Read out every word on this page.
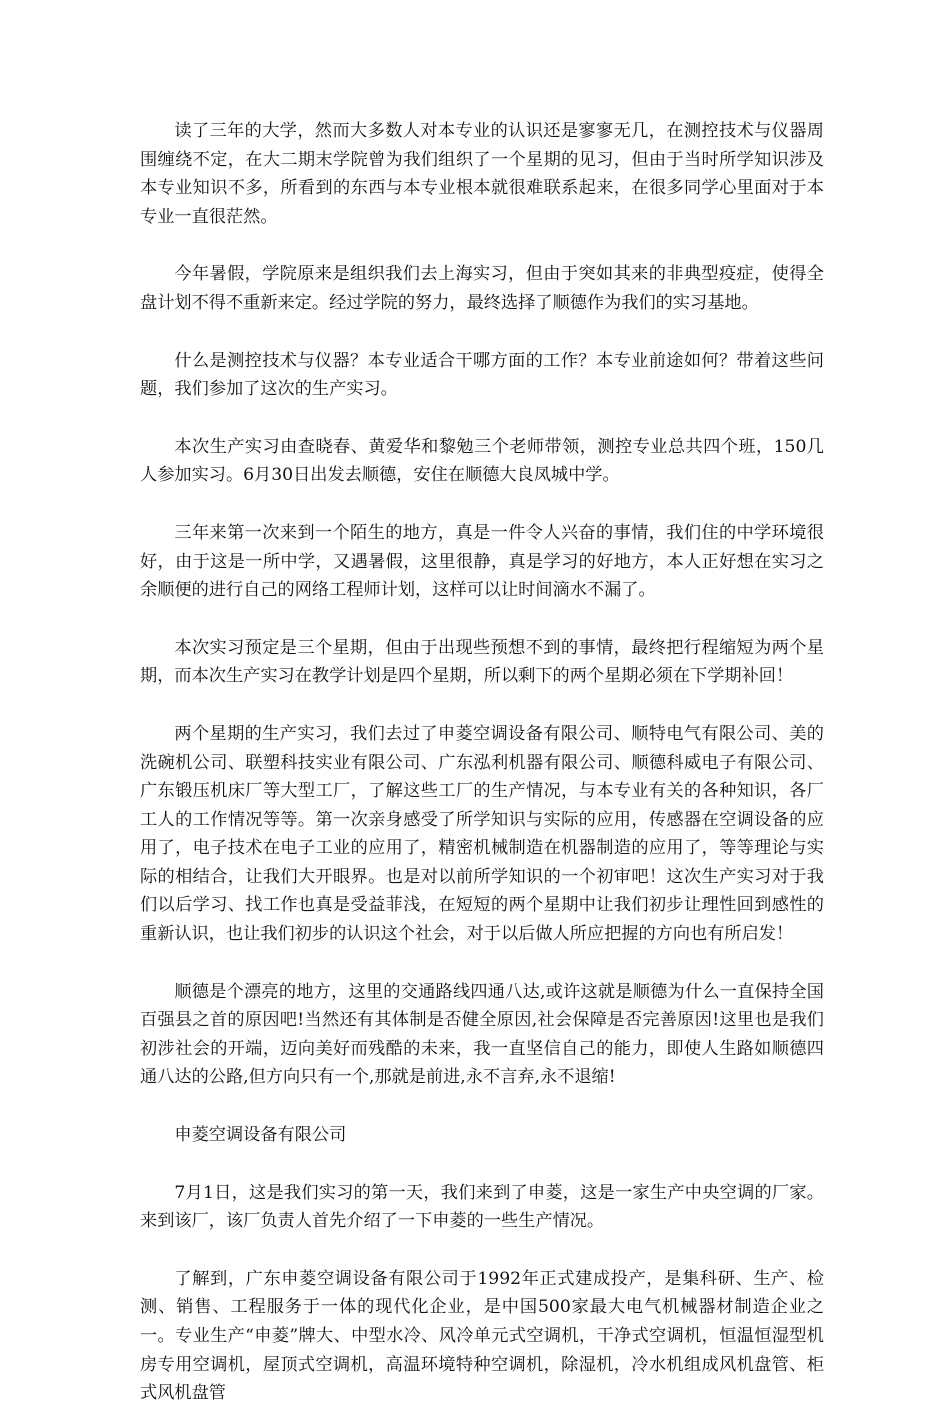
读了三年的大学，然而大多数人对本专业的认识还是寥寥无几，在测控技术与仪器周围缠绕不定，在大二期末学院曾为我们组织了一个星期的见习，但由于当时所学知识涉及本专业知识不多，所看到的东西与本专业根本就很难联系起来，在很多同学心里面对于本专业一直很茫然。

今年暑假，学院原来是组织我们去上海实习，但由于突如其来的非典型疫症，使得全盘计划不得不重新来定。经过学院的努力，最终选择了顺德作为我们的实习基地。

什么是测控技术与仪器？本专业适合干哪方面的工作？本专业前途如何？带着这些问题，我们参加了这次的生产实习。

本次生产实习由查晓春、黄爱华和黎勉三个老师带领，测控专业总共四个班，150几人参加实习。6月30日出发去顺德，安住在顺德大良凤城中学。

三年来第一次来到一个陌生的地方，真是一件令人兴奋的事情，我们住的中学环境很好，由于这是一所中学，又遇暑假，这里很静，真是学习的好地方，本人正好想在实习之余顺便的进行自己的网络工程师计划，这样可以让时间滴水不漏了。

本次实习预定是三个星期，但由于出现些预想不到的事情，最终把行程缩短为两个星期，而本次生产实习在教学计划是四个星期，所以剩下的两个星期必须在下学期补回！

两个星期的生产实习，我们去过了申菱空调设备有限公司、顺特电气有限公司、美的洗碗机公司、联塑科技实业有限公司、广东泓利机器有限公司、顺德科威电子有限公司、广东锻压机床厂等大型工厂，了解这些工厂的生产情况，与本专业有关的各种知识，各厂工人的工作情况等等。第一次亲身感受了所学知识与实际的应用，传感器在空调设备的应用了，电子技术在电子工业的应用了，精密机械制造在机器制造的应用了，等等理论与实际的相结合，让我们大开眼界。也是对以前所学知识的一个初审吧！这次生产实习对于我们以后学习、找工作也真是受益菲浅，在短短的两个星期中让我们初步让理性回到感性的重新认识，也让我们初步的认识这个社会，对于以后做人所应把握的方向也有所启发！

顺德是个漂亮的地方，这里的交通路线四通八达,或许这就是顺德为什么一直保持全国百强县之首的原因吧!当然还有其体制是否健全原因,社会保障是否完善原因!这里也是我们初涉社会的开端，迈向美好而残酷的未来，我一直坚信自己的能力，即使人生路如顺德四通八达的公路,但方向只有一个,那就是前进,永不言弃,永不退缩!

申菱空调设备有限公司

7月1日，这是我们实习的第一天，我们来到了申菱，这是一家生产中央空调的厂家。来到该厂，该厂负责人首先介绍了一下申菱的一些生产情况。

了解到，广东申菱空调设备有限公司于1992年正式建成投产，是集科研、生产、检测、销售、工程服务于一体的现代化企业，是中国500家最大电气机械器材制造企业之一。专业生产“申菱”牌大、中型水冷、风冷单元式空调机，干净式空调机，恒温恒湿型机房专用空调机，屋顶式空调机，高温环境特种空调机，除湿机，冷水机组成风机盘管、柜式风机盘管
